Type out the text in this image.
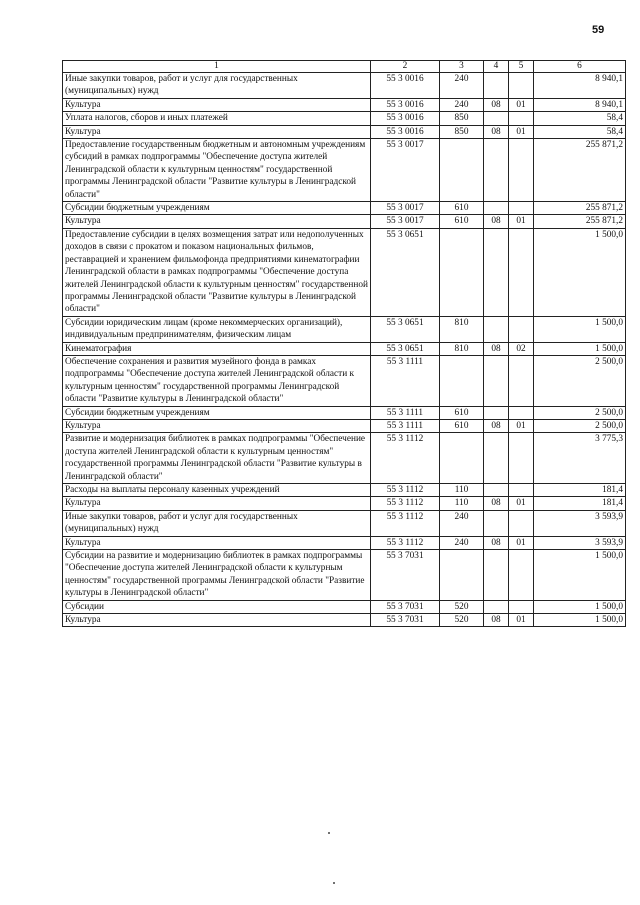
59
1	2	3	4	5	6
Иные закупки товаров, работ и услуг для государственных (муниципальных) нужд	55 3 0016	240			8 940,1
Культура	55 3 0016	240	08	01	8 940,1
Уплата налогов, сборов и иных платежей	55 3 0016	850			58,4
Культура	55 3 0016	850	08	01	58,4
Предоставление государственным бюджетным и автономным учреждениям субсидий в рамках подпрограммы "Обеспечение доступа жителей Ленинградской области к культурным ценностям" государственной программы Ленинградской области "Развитие культуры в Ленинградской области"	55 3 0017				255 871,2
Субсидии бюджетным учреждениям	55 3 0017	610			255 871,2
Культура	55 3 0017	610	08	01	255 871,2
Предоставление субсидии в целях возмещения затрат или недополученных доходов в связи с прокатом и показом национальных фильмов, реставрацией и хранением фильмофонда предприятиями кинематографии Ленинградской области в рамках подпрограммы "Обеспечение доступа жителей Ленинградской области к культурным ценностям" государственной программы Ленинградской области "Развитие культуры в Ленинградской области"	55 3 0651				1 500,0
Субсидии юридическим лицам (кроме некоммерческих организаций), индивидуальным предпринимателям, физическим лицам	55 3 0651	810			1 500,0
Кинематография	55 3 0651	810	08	02	1 500,0
Обеспечение сохранения и развития музейного фонда в рамках подпрограммы "Обеспечение доступа жителей Ленинградской области к культурным ценностям" государственной программы Ленинградской области "Развитие культуры в Ленинградской области"	55 3 1111				2 500,0
Субсидии бюджетным учреждениям	55 3 1111	610			2 500,0
Культура	55 3 1111	610	08	01	2 500,0
Развитие и модернизация библиотек в рамках подпрограммы "Обеспечение доступа жителей Ленинградской области к культурным ценностям" государственной программы Ленинградской области "Развитие культуры в Ленинградской области"	55 3 1112				3 775,3
Расходы на выплаты персоналу казенных учреждений	55 3 1112	110			181,4
Культура	55 3 1112	110	08	01	181,4
Иные закупки товаров, работ и услуг для государственных (муниципальных) нужд	55 3 1112	240			3 593,9
Культура	55 3 1112	240	08	01	3 593,9
Субсидии на развитие и модернизацию библиотек в рамках подпрограммы "Обеспечение доступа жителей Ленинградской области к культурным ценностям" государственной программы Ленинградской области "Развитие культуры в Ленинградской области"	55 3 7031				1 500,0
Субсидии	55 3 7031	520			1 500,0
Культура	55 3 7031	520	08	01	1 500,0
